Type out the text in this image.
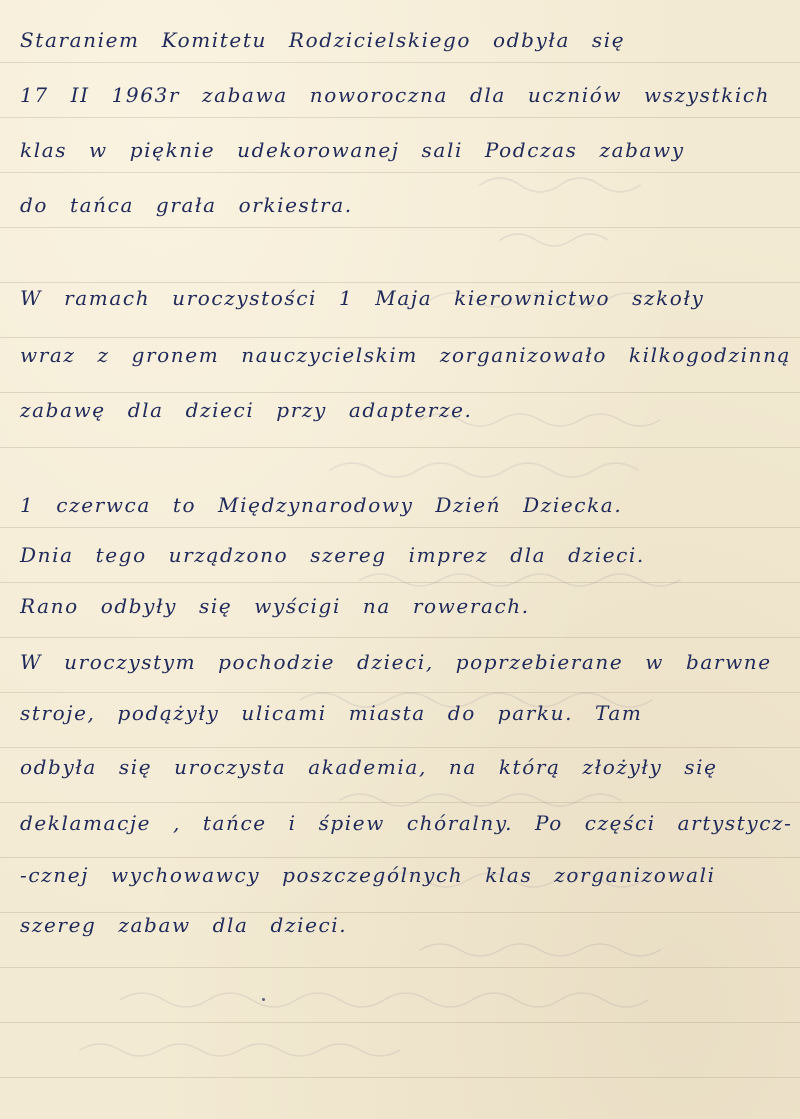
Staraniem Komitetu Rodzicielskiego odbyła się
17 II 1963r zabawa noworoczna dla uczniów wszystkich
klas w pięknie udekorowanej sali Podczas zabawy
do tańca grała orkiestra.
W ramach uroczystości 1 Maja kierownictwo szkoły
wraz z gronem nauczycielskim zorganizowało kilkogodzinną
zabawę dla dzieci przy adapterze.
1 czerwca to Międzynarodowy Dzień Dziecka.
Dnia tego urządzono szereg imprez dla dzieci.
Rano odbyły się wyścigi na rowerach.
W uroczystym pochodzie dzieci, poprzebierane w barwne
stroje, podążyły ulicami miasta do parku. Tam
odbyła się uroczysta akademia, na którą złożyły się
deklamacje , tańce i śpiew chóralny. Po części artystycz-
-cznej wychowawcy poszczególnych klas zorganizowali
szereg zabaw dla dzieci.
